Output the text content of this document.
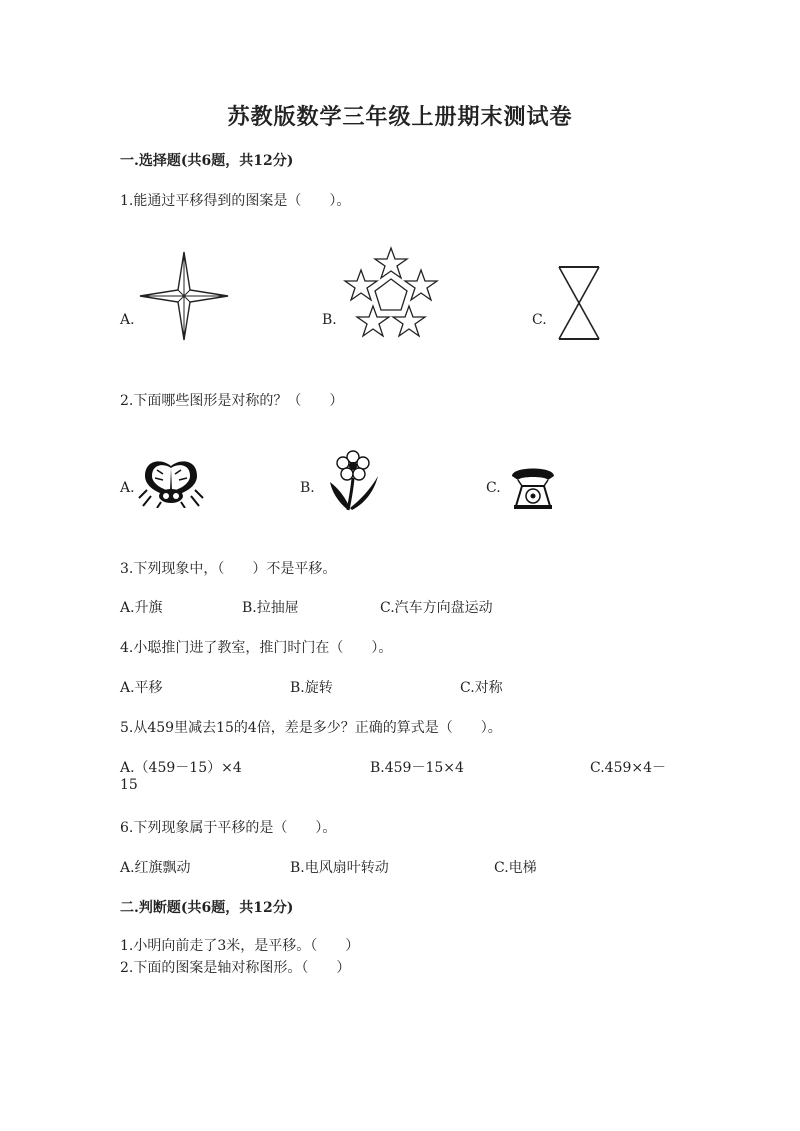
苏教版数学三年级上册期末测试卷
一.选择题(共6题，共12分)
1.能通过平移得到的图案是（　　）。
A.	B.	C.
2.下面哪些图形是对称的？（　　）
A.	B.	C.
3.下列现象中，（　　）不是平移。
A.升旗	B.拉抽屉	C.汽车方向盘运动
4.小聪推门进了教室，推门时门在（　　）。
A.平移	B.旋转	C.对称
5.从459里减去15的4倍，差是多少？正确的算式是（　　）。
A.（459－15）×4	B.459－15×4	C.459×4－
15
6.下列现象属于平移的是（　　）。
A.红旗飘动	B.电风扇叶转动	C.电梯
二.判断题(共6题，共12分)
1.小明向前走了3米，是平移。（　　）
2.下面的图案是轴对称图形。（　　）
